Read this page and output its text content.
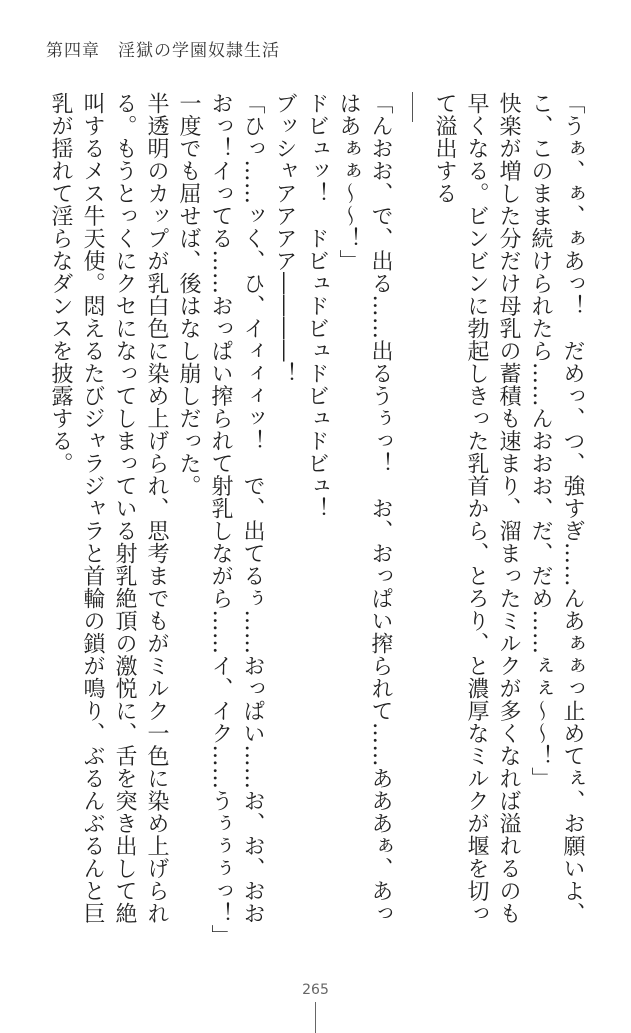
第四章　淫獄の学園奴隷生活

「うぁ、ぁ、ぁあっ！　だめっ、つ、強すぎ……んあぁぁっ止めてぇ、お願いよ、こ、このまま続けられたら……んおおお、だ、だめ……ぇぇ～～！」

快楽が増した分だけ母乳の蓄積も速まり、溜まったミルクが多くなれば溢れるのも早くなる。ビンビンに勃起しきった乳首から、とろり、と濃厚なミルクが堰を切って溢出する

「んおお、で、出る……出るうぅっ！　お、おっぱい搾られて……あああぁ、あっはあぁぁ～～！」

ドビュッ！　ドビュドビュドビュドビュ！

ブッシャアアアア――――！

「ひっ……ッく、ひ、イィィィッ！　で、出てるぅ……おっぱい……お、お、おおおっ！イってる……おっぱい搾られて射乳しながら……イ、イク……うぅぅぅっ！」

一度でも屈せば、後はなし崩しだった。

半透明のカップが乳白色に染め上げられ、思考までもがミルク一色に染め上げられる。もうとっくにクセになってしまっている射乳絶頂の激悦に、舌を突き出して絶叫するメス牛天使。悶えるたびジャラジャラと首輪の鎖が鳴り、ぶるんぶるんと巨乳が揺れて淫らなダンスを披露する。

265
